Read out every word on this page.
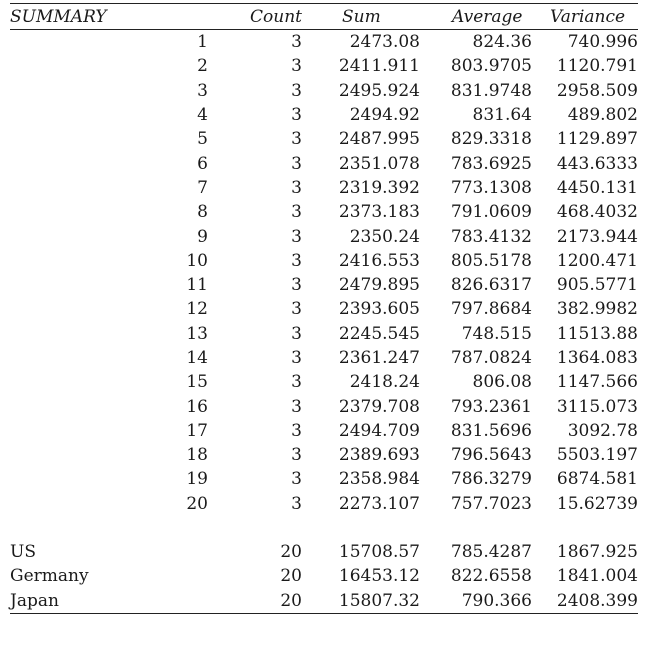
SUMMARY		Count	Sum	Average	Variance
	1	3	2473.08	824.36	740.996
	2	3	2411.911	803.9705	1120.791
	3	3	2495.924	831.9748	2958.509
	4	3	2494.92	831.64	489.802
	5	3	2487.995	829.3318	1129.897
	6	3	2351.078	783.6925	443.6333
	7	3	2319.392	773.1308	4450.131
	8	3	2373.183	791.0609	468.4032
	9	3	2350.24	783.4132	2173.944
	10	3	2416.553	805.5178	1200.471
	11	3	2479.895	826.6317	905.5771
	12	3	2393.605	797.8684	382.9982
	13	3	2245.545	748.515	11513.88
	14	3	2361.247	787.0824	1364.083
	15	3	2418.24	806.08	1147.566
	16	3	2379.708	793.2361	3115.073
	17	3	2494.709	831.5696	3092.78
	18	3	2389.693	796.5643	5503.197
	19	3	2358.984	786.3279	6874.581
	20	3	2273.107	757.7023	15.62739

US		20	15708.57	785.4287	1867.925
Germany		20	16453.12	822.6558	1841.004
Japan		20	15807.32	790.366	2408.399
